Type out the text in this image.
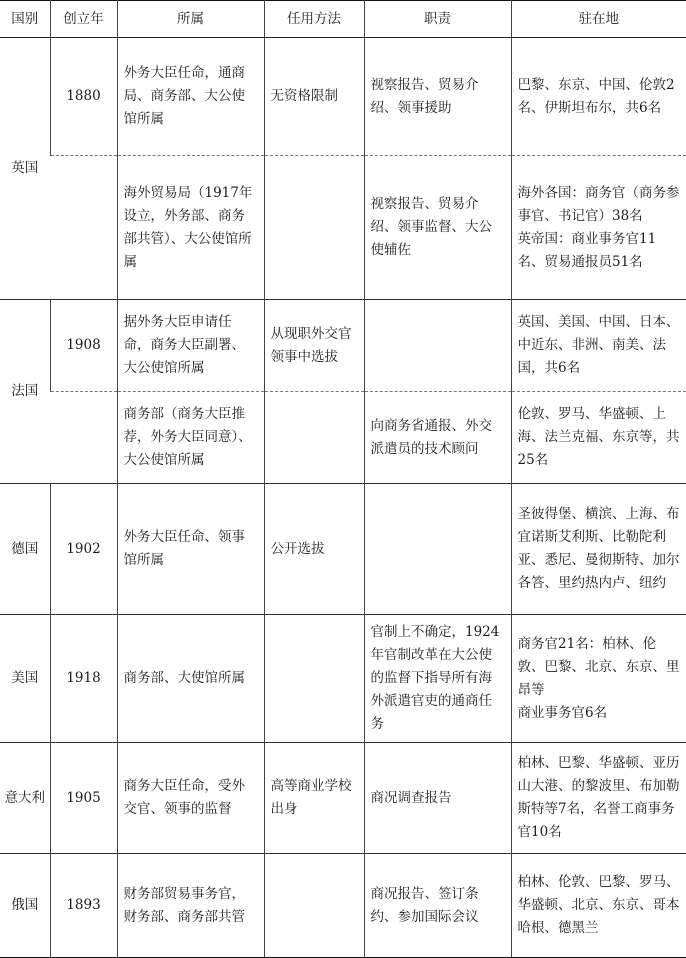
国别	创立年	所属	任用方法	职责	驻在地
英国	1880	外务大臣任命，通商局、商务部、大公使馆所属	无资格限制	视察报告、贸易介绍、领事援助	巴黎、东京、中国、伦敦2名、伊斯坦布尔，共6名

		海外贸易局（1917年设立，外务部、商务部共管）、大公使馆所属		视察报告、贸易介绍、领事监督、大公使辅佐	海外各国：商务官（商务参事官、书记官）38名
英帝国：商业事务官11名、贸易通报员51名

法国	1908	据外务大臣申请任命，商务大臣副署、大公使馆所属	从现职外交官领事中选拔		英国、美国、中国、日本、中近东、非洲、南美、法国，共6名

		商务部（商务大臣推荐，外务大臣同意）、大公使馆所属		向商务省通报、外交派遣员的技术顾问	伦敦、罗马、华盛顿、上海、法兰克福、东京等，共25名

德国	1902	外务大臣任命、领事馆所属	公开选拔		圣彼得堡、横滨、上海、布宜诺斯艾利斯、比勒陀利亚、悉尼、曼彻斯特、加尔各答、里约热内卢、纽约

美国	1918	商务部、大使馆所属		官制上不确定，1924年官制改革在大公使的监督下指导所有海外派遣官吏的通商任务	商务官21名：柏林、伦敦、巴黎、北京、东京、里昂等
商业事务官6名

意大利	1905	商务大臣任命，受外交官、领事的监督	高等商业学校出身	商况调查报告	柏林、巴黎、华盛顿、亚历山大港、的黎波里、布加勒斯特等7名，名誉工商事务官10名

俄国	1893	财务部贸易事务官，财务部、商务部共管		商况报告、签订条约、参加国际会议	柏林、伦敦、巴黎、罗马、华盛顿、北京、东京、哥本哈根、德黑兰
